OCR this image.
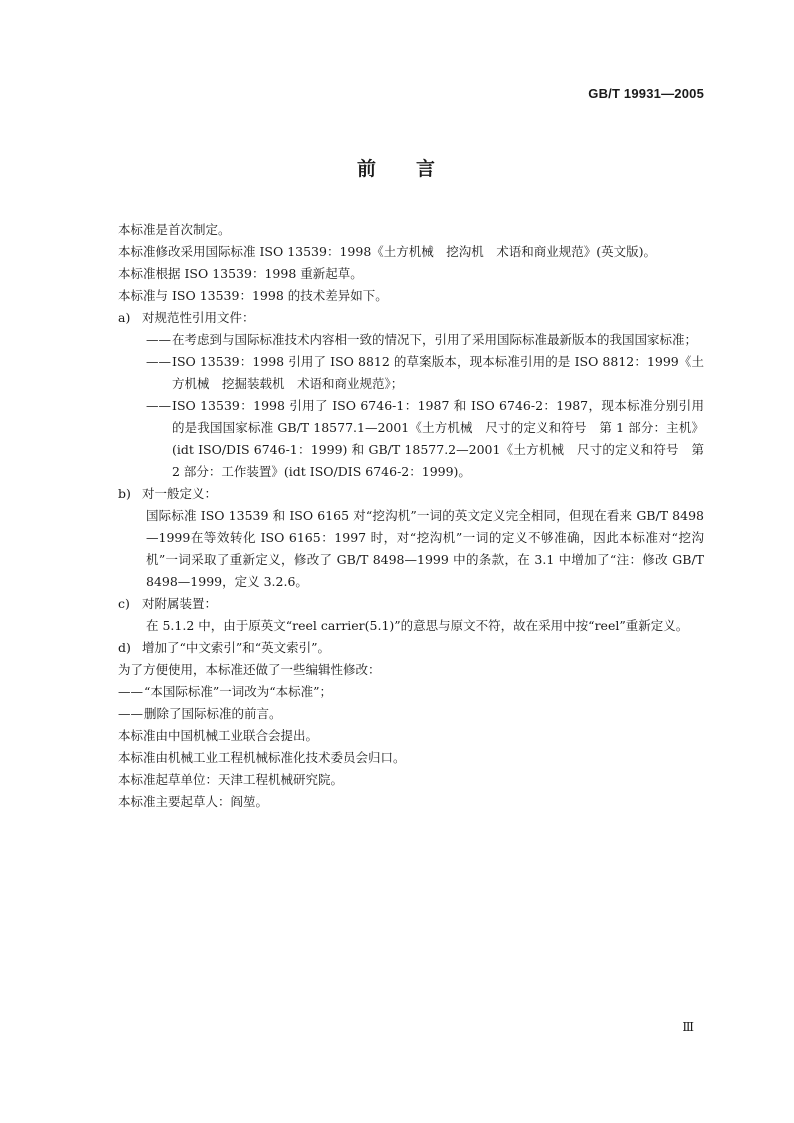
GB/T 19931—2005
前 言
本标准是首次制定。
本标准修改采用国际标准 ISO 13539：1998《土方机械　挖沟机　术语和商业规范》(英文版)。
本标准根据 ISO 13539：1998 重新起草。
本标准与 ISO 13539：1998 的技术差异如下。
a) 对规范性引用文件：
—— 在考虑到与国际标准技术内容相一致的情况下，引用了采用国际标准最新版本的我国国家标准；
—— ISO 13539：1998 引用了 ISO 8812 的草案版本，现本标准引用的是 ISO 8812：1999《土方机械　挖掘装载机　术语和商业规范》；
—— ISO 13539：1998 引用了 ISO 6746-1：1987 和 ISO 6746-2：1987，现本标准分别引用的是我国国家标准 GB/T 18577.1—2001《土方机械　尺寸的定义和符号　第 1 部分：主机》(idt ISO/DIS 6746-1：1999) 和 GB/T 18577.2—2001《土方机械　尺寸的定义和符号　第 2 部分：工作装置》(idt ISO/DIS 6746-2：1999)。
b) 对一般定义：
国际标准 ISO 13539 和 ISO 6165 对“挖沟机”一词的英文定义完全相同，但现在看来 GB/T 8498—1999在等效转化 ISO 6165：1997 时，对“挖沟机”一词的定义不够准确，因此本标准对“挖沟机”一词采取了重新定义，修改了 GB/T 8498—1999 中的条款，在 3.1 中增加了“注：修改 GB/T 8498—1999，定义 3.2.6。
c) 对附属装置：
在 5.1.2 中，由于原英文“reel carrier(5.1)”的意思与原文不符，故在采用中按“reel”重新定义。
d) 增加了“中文索引”和“英文索引”。
为了方便使用，本标准还做了一些编辑性修改：
—— “本国际标准”一词改为“本标准”；
—— 删除了国际标准的前言。
本标准由中国机械工业联合会提出。
本标准由机械工业工程机械标准化技术委员会归口。
本标准起草单位：天津工程机械研究院。
本标准主要起草人：阎堃。
Ⅲ
